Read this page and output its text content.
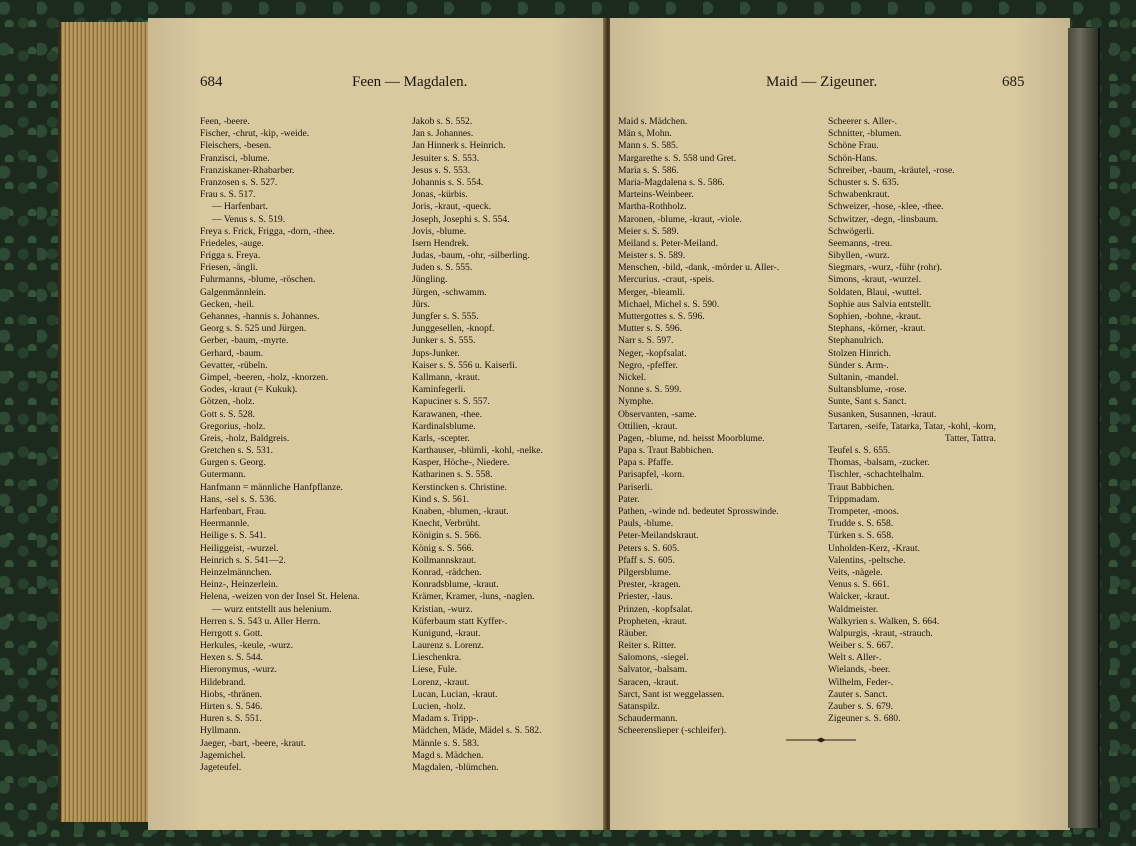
684	Feen — Magdalen.
Feen, -beere.
Fischer, -chrut, -kip, -weide.
Fleischers, -besen.
Franzisci, -blume.
Franziskaner-Rhabarber.
Franzosen s. S. 527.
Frau s. S. 517.
— Harfenbart.
— Venus s. S. 519.
Freya s. Frick, Frigga, -dorn, -thee.
Friedeles, -auge.
Frigga s. Freya.
Friesen, -ängli.
Fuhrmanns, -blume, -röschen.
Galgenmännlein.
Gecken, -heil.
Gehannes, -hannis s. Johannes.
Georg s. S. 525 und Jürgen.
Gerber, -baum, -myrte.
Gerhard, -baum.
Gevatter, -rübeln.
Gimpel, -beeren, -holz, -knorzen.
Godes, -kraut (= Kukuk).
Götzen, -holz.
Gott s. S. 528.
Gregorius, -holz.
Greis, -holz, Baldgreis.
Gretchen s. S. 531.
Gurgen s. Georg.
Gutermann.
Hanfmann = männliche Hanfpflanze.
Hans, -sel s. S. 536.
Harfenbart, Frau.
Heermannle.
Heilige s. S. 541.
Heiliggeist, -wurzel.
Heinrich s. S. 541—2.
Heinzelmännchen.
Heinz-, Heinzerlein.
Helena, -weizen von der Insel St. Helena.
— wurz entstellt aus helenium.
Herren s. S. 543 u. Aller Herrn.
Herrgott s. Gott.
Herkules, -keule, -wurz.
Hexen s. S. 544.
Hieronymus, -wurz.
Hildebrand.
Hiobs, -thränen.
Hirten s. S. 546.
Huren s. S. 551.
Hyllmann.
Jaeger, -bart, -beere, -kraut.
Jagemichel.
Jageteufel.
Jakob s. S. 552.
Jan s. Johannes.
Jan Hinnerk s. Heinrich.
Jesuiter s. S. 553.
Jesus s. S. 553.
Johannis s. S. 554.
Jonas, -kürbis.
Joris, -kraut, -queck.
Joseph, Josephi s. S. 554.
Jovis, -blume.
Isern Hendrek.
Judas, -baum, -ohr, -silberling.
Juden s. S. 555.
Jüngling.
Jürgen, -schwamm.
Jürs.
Jungfer s. S. 555.
Junggesellen, -knopf.
Junker s. S. 555.
Jups-Junker.
Kaiser s. S. 556 u. Kaiserli.
Kallmann, -kraut.
Kaminfegerli.
Kapuciner s. S. 557.
Karawanen, -thee.
Kardinalsblume.
Karls, -scepter.
Karthauser, -blümli, -kohl, -nelke.
Kasper, Höche-, Niedere.
Katharinen s. S. 558.
Kerstincken s. Christine.
Kind s. S. 561.
Knaben, -blumen, -kraut.
Knecht, Verbrüht.
Königin s. S. 566.
König s. S. 566.
Kollmannskraut.
Konrad, -rädchen.
Konradsblume, -kraut.
Krämer, Kramer, -luns, -naglen.
Kristian, -wurz.
Küferbaum statt Kyffer-.
Kunigund, -kraut.
Laurenz s. Lorenz.
Lieschenkra.
Liese, Fule.
Lorenz, -kraut.
Lucan, Lucian, -kraut.
Lucien, -holz.
Madam s. Tripp-.
Mädchen, Mäde, Mädel s. S. 582.
Männle s. S. 583.
Magd s. Mädchen.
Magdalen, -blümchen.
Maid — Zigeuner.	685
Maid s. Mädchen.
Män s, Mohn.
Mann s. S. 585.
Margarethe s. S. 558 und Gret.
Maria s. S. 586.
Maria-Magdalena s. S. 586.
Marteins-Weinbeer.
Martha-Rothholz.
Maronen, -blume, -kraut, -viole.
Meier s. S. 589.
Meiland s. Peter-Meiland.
Meister s. S. 589.
Menschen, -bild, -dank, -mörder u. Aller-.
Mercurius. -craut, -speis.
Merger, -bleamli.
Michael, Michel s. S. 590.
Muttergottes s. S. 596.
Mutter s. S. 596.
Narr s. S. 597.
Neger, -kopfsalat.
Negro, -pfeffer.
Nickel.
Nonne s. S. 599.
Nymphe.
Observanten, -same.
Ottilien, -kraut.
Pagen, -blume, nd. heisst Moorblume.
Papa s. Traut Babbichen.
Papa s. Pfaffe.
Parisapfel, -korn.
Pariserli.
Pater.
Pathen, -winde nd. bedeutet Sprosswinde.
Pauls, -blume.
Peter-Meilandskraut.
Peters s. S. 605.
Pfaff s. S. 605.
Pilgersblume.
Prester, -kragen.
Priester, -laus.
Prinzen, -kopfsalat.
Propheten, -kraut.
Räuber.
Reiter s. Ritter.
Salomons, -siegel.
Salvator, -balsam.
Saracen, -kraut.
Sarct, Sant ist weggelassen.
Satanspilz.
Schaudermann.
Scheerenslieper (-schleifer).
Scheerer s. Aller-.
Schnitter, -blumen.
Schöne Frau.
Schön-Hans.
Schreiber, -baum, -kräutel, -rose.
Schuster s. S. 635.
Schwabenkraut.
Schweizer, -hose, -klee, -thee.
Schwitzer, -degn, -linsbaum.
Schwögerli.
Seemanns, -treu.
Sibyllen, -wurz.
Siegmars, -wurz, -führ (rohr).
Simons, -kraut, -wurzel.
Soldaten, Blaui, -wuttel.
Sophie aus Salvia entstellt.
Sophien, -bohne, -kraut.
Stephans, -körner, -kraut.
Stephanulrich.
Stolzen Hinrich.
Sünder s. Arm-.
Sultanin, -mandel.
Sultansblume, -rose.
Sunte, Sant s. Sanct.
Susanken, Susannen, -kraut.
Tartaren, -seife, Tatarka, Tatar, -kohl, -korn,
Tatter, Tattra.
Teufel s. S. 655.
Thomas, -balsam, -zucker.
Tischler, -schachtelhalm.
Traut Babbichen.
Trippmadam.
Trompeter, -moos.
Trudde s. S. 658.
Türken s. S. 658.
Unholden-Kerz, -Kraut.
Valentins, -peltsche.
Veits, -nägele.
Venus s. S. 661.
Walcker, -kraut.
Waldmeister.
Walkyrien s. Walken, S. 664.
Walpurgis, -kraut, -strauch.
Weiber s. S. 667.
Welt s. Aller-.
Wielands, -beer.
Wilhelm, Feder-.
Zauter s. Sanct.
Zauber s. S. 679.
Zigeuner s. S. 680.
